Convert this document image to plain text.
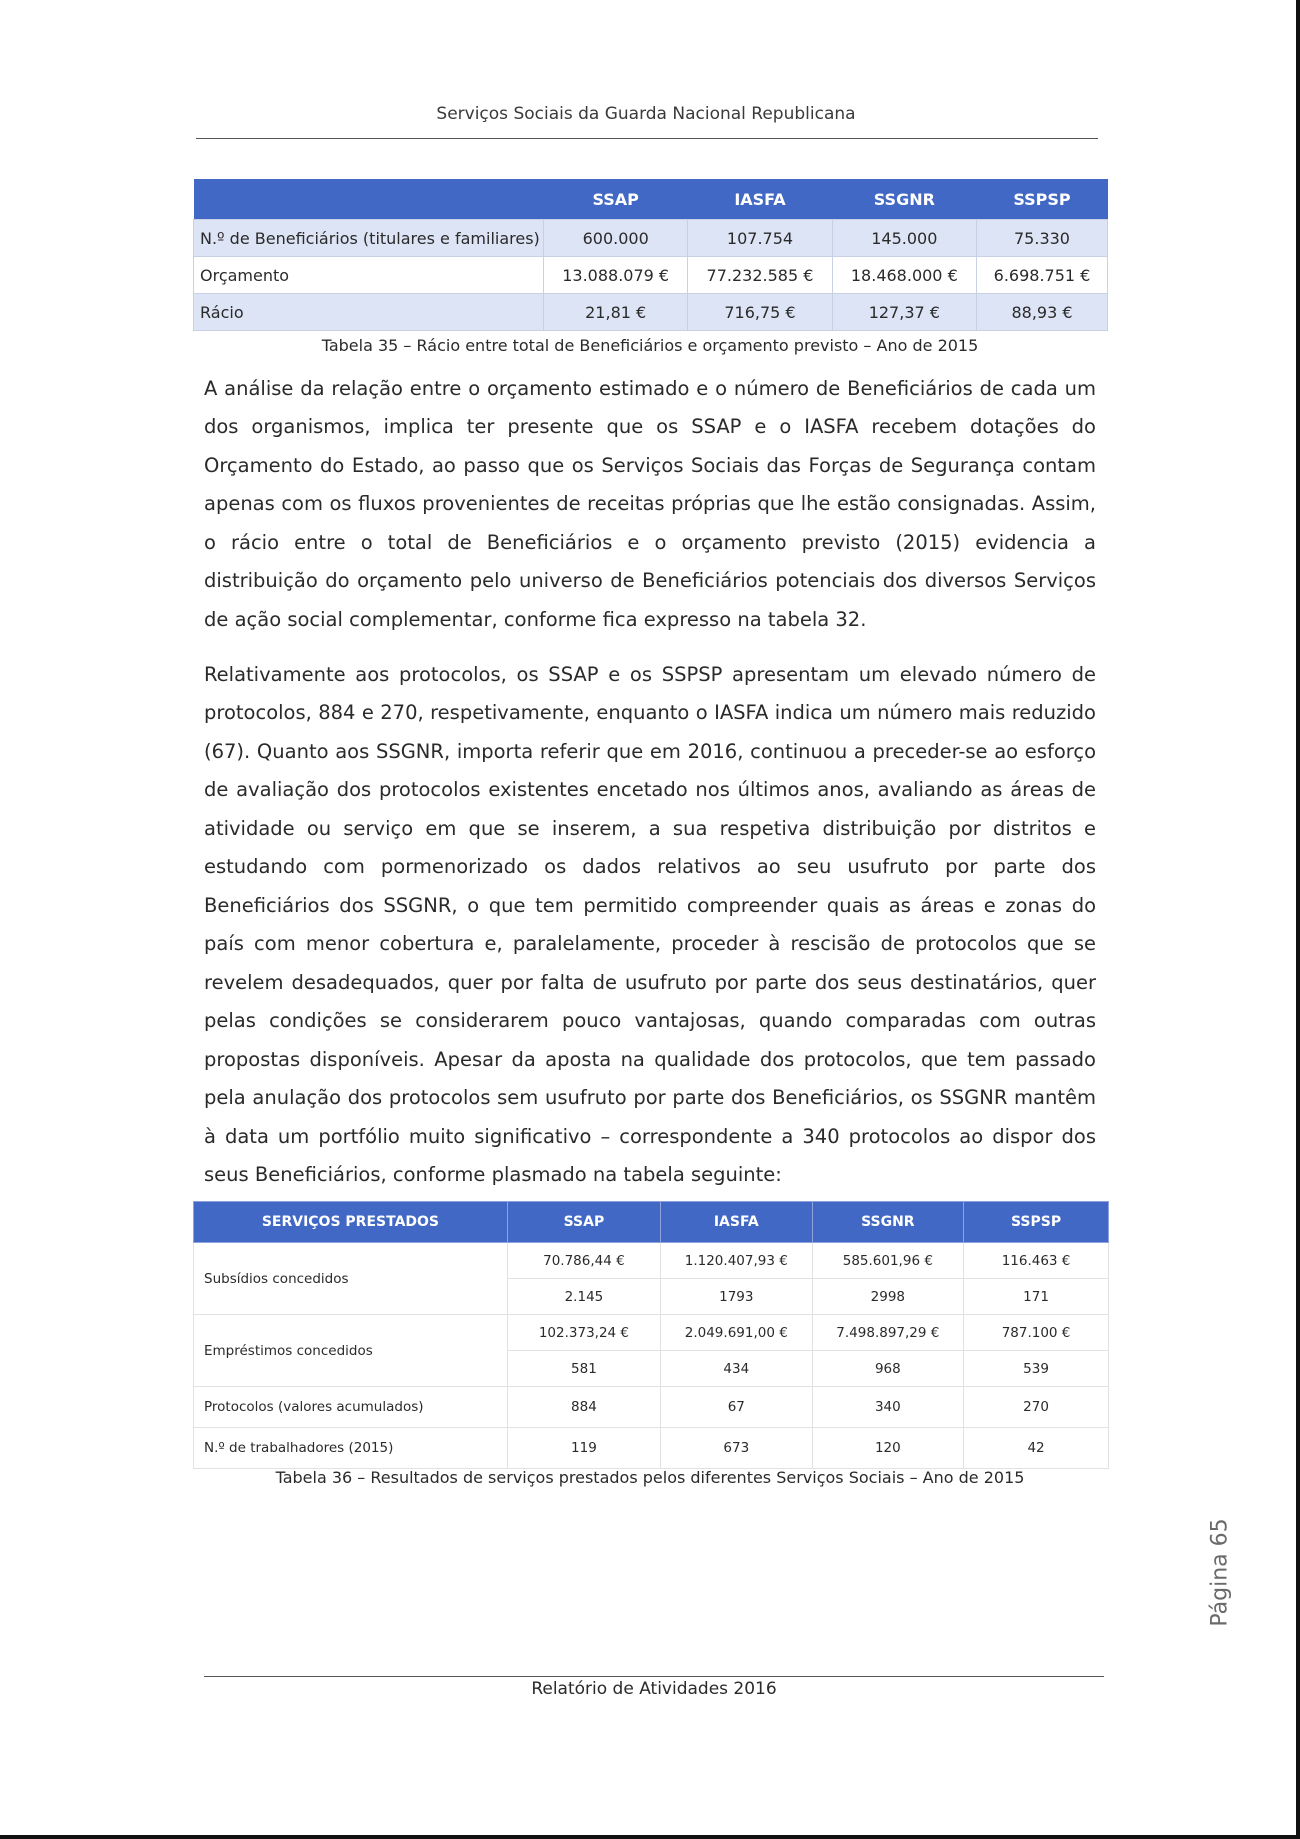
Serviços Sociais da Guarda Nacional Republicana
	SSAP	IASFA	SSGNR	SSPSP
N.º de Beneficiários (titulares e familiares)	600.000	107.754	145.000	75.330
Orçamento	13.088.079 €	77.232.585 €	18.468.000 €	6.698.751 €
Rácio	21,81 €	716,75 €	127,37 €	88,93 €
Tabela 35 – Rácio entre total de Beneficiários e orçamento previsto – Ano de 2015

A análise da relação entre o orçamento estimado e o número de Beneficiários de cada um dos organismos, implica ter presente que os SSAP e o IASFA recebem dotações do Orçamento do Estado, ao passo que os Serviços Sociais das Forças de Segurança contam apenas com os fluxos provenientes de receitas próprias que lhe estão consignadas. Assim, o rácio entre o total de Beneficiários e o orçamento previsto (2015) evidencia a distribuição do orçamento pelo universo de Beneficiários potenciais dos diversos Serviços de ação social complementar, conforme fica expresso na tabela 32.

Relativamente aos protocolos, os SSAP e os SSPSP apresentam um elevado número de protocolos, 884 e 270, respetivamente, enquanto o IASFA indica um número mais reduzido (67). Quanto aos SSGNR, importa referir que em 2016, continuou a preceder-se ao esforço de avaliação dos protocolos existentes encetado nos últimos anos, avaliando as áreas de atividade ou serviço em que se inserem, a sua respetiva distribuição por distritos e estudando com pormenorizado os dados relativos ao seu usufruto por parte dos Beneficiários dos SSGNR, o que tem permitido compreender quais as áreas e zonas do país com menor cobertura e, paralelamente, proceder à rescisão de protocolos que se revelem desadequados, quer por falta de usufruto por parte dos seus destinatários, quer pelas condições se considerarem pouco vantajosas, quando comparadas com outras propostas disponíveis. Apesar da aposta na qualidade dos protocolos, que tem passado pela anulação dos protocolos sem usufruto por parte dos Beneficiários, os SSGNR mantêm à data um portfólio muito significativo – correspondente a 340 protocolos ao dispor dos seus Beneficiários, conforme plasmado na tabela seguinte:

SERVIÇOS PRESTADOS	SSAP	IASFA	SSGNR	SSPSP
Subsídios concedidos	70.786,44 €	1.120.407,93 €	585.601,96 €	116.463 €
	2.145	1793	2998	171
Empréstimos concedidos	102.373,24 €	2.049.691,00 €	7.498.897,29 €	787.100 €
	581	434	968	539
Protocolos (valores acumulados)	884	67	340	270
N.º de trabalhadores (2015)	119	673	120	42
Tabela 36 – Resultados de serviços prestados pelos diferentes Serviços Sociais – Ano de 2015
Página 65
Relatório de Atividades 2016
